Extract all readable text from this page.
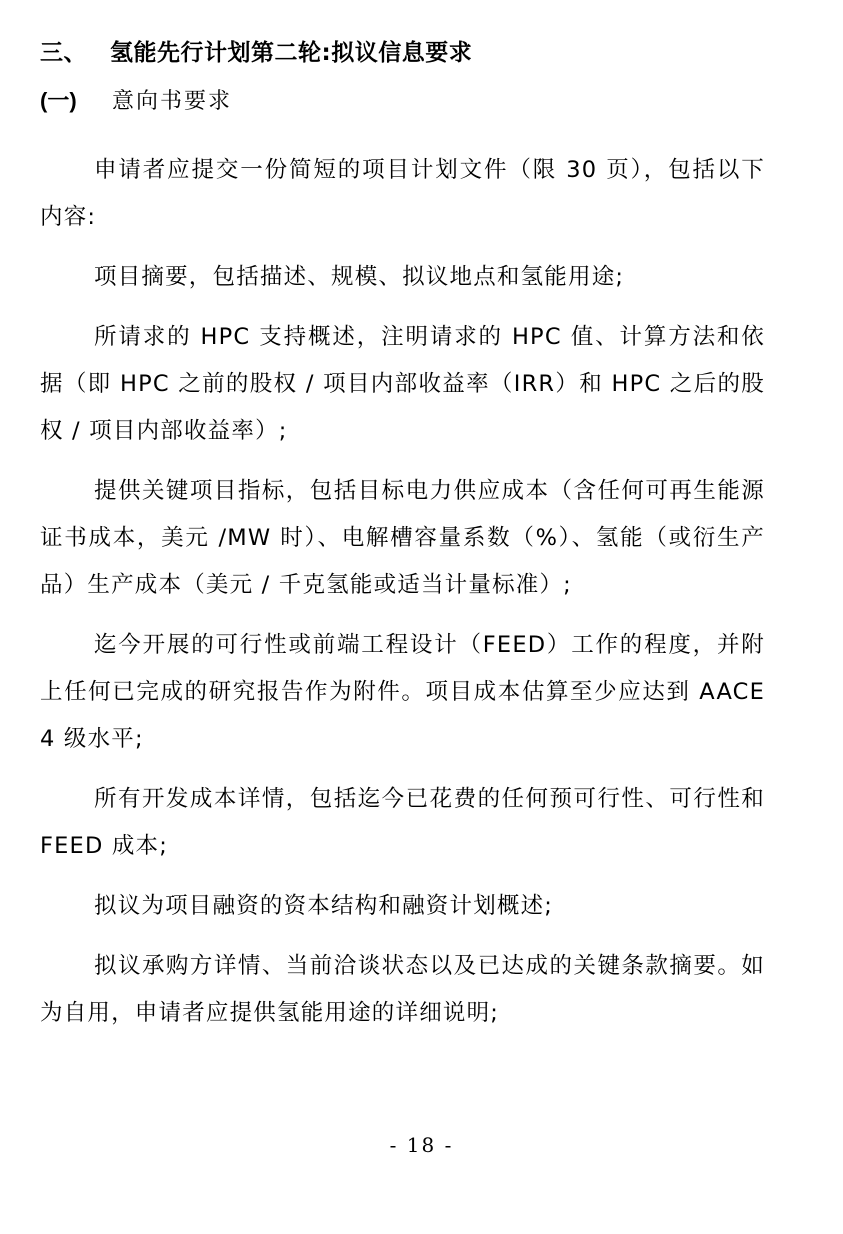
三、 氢能先行计划第二轮:拟议信息要求
(一) 意向书要求

申请者应提交一份简短的项目计划文件（限 30 页），包括以下内容:

项目摘要，包括描述、规模、拟议地点和氢能用途;

所请求的 HPC 支持概述，注明请求的 HPC 值、计算方法和依据（即 HPC 之前的股权 / 项目内部收益率（IRR）和 HPC 之后的股权 / 项目内部收益率）;

提供关键项目指标，包括目标电力供应成本（含任何可再生能源证书成本，美元 /MW 时）、电解槽容量系数（%）、氢能（或衍生产品）生产成本（美元 / 千克氢能或适当计量标准）;

迄今开展的可行性或前端工程设计（FEED）工作的程度，并附上任何已完成的研究报告作为附件。项目成本估算至少应达到 AACE 4 级水平;

所有开发成本详情，包括迄今已花费的任何预可行性、可行性和 FEED 成本;

拟议为项目融资的资本结构和融资计划概述;

拟议承购方详情、当前洽谈状态以及已达成的关键条款摘要。如为自用，申请者应提供氢能用途的详细说明;

- 18 -
